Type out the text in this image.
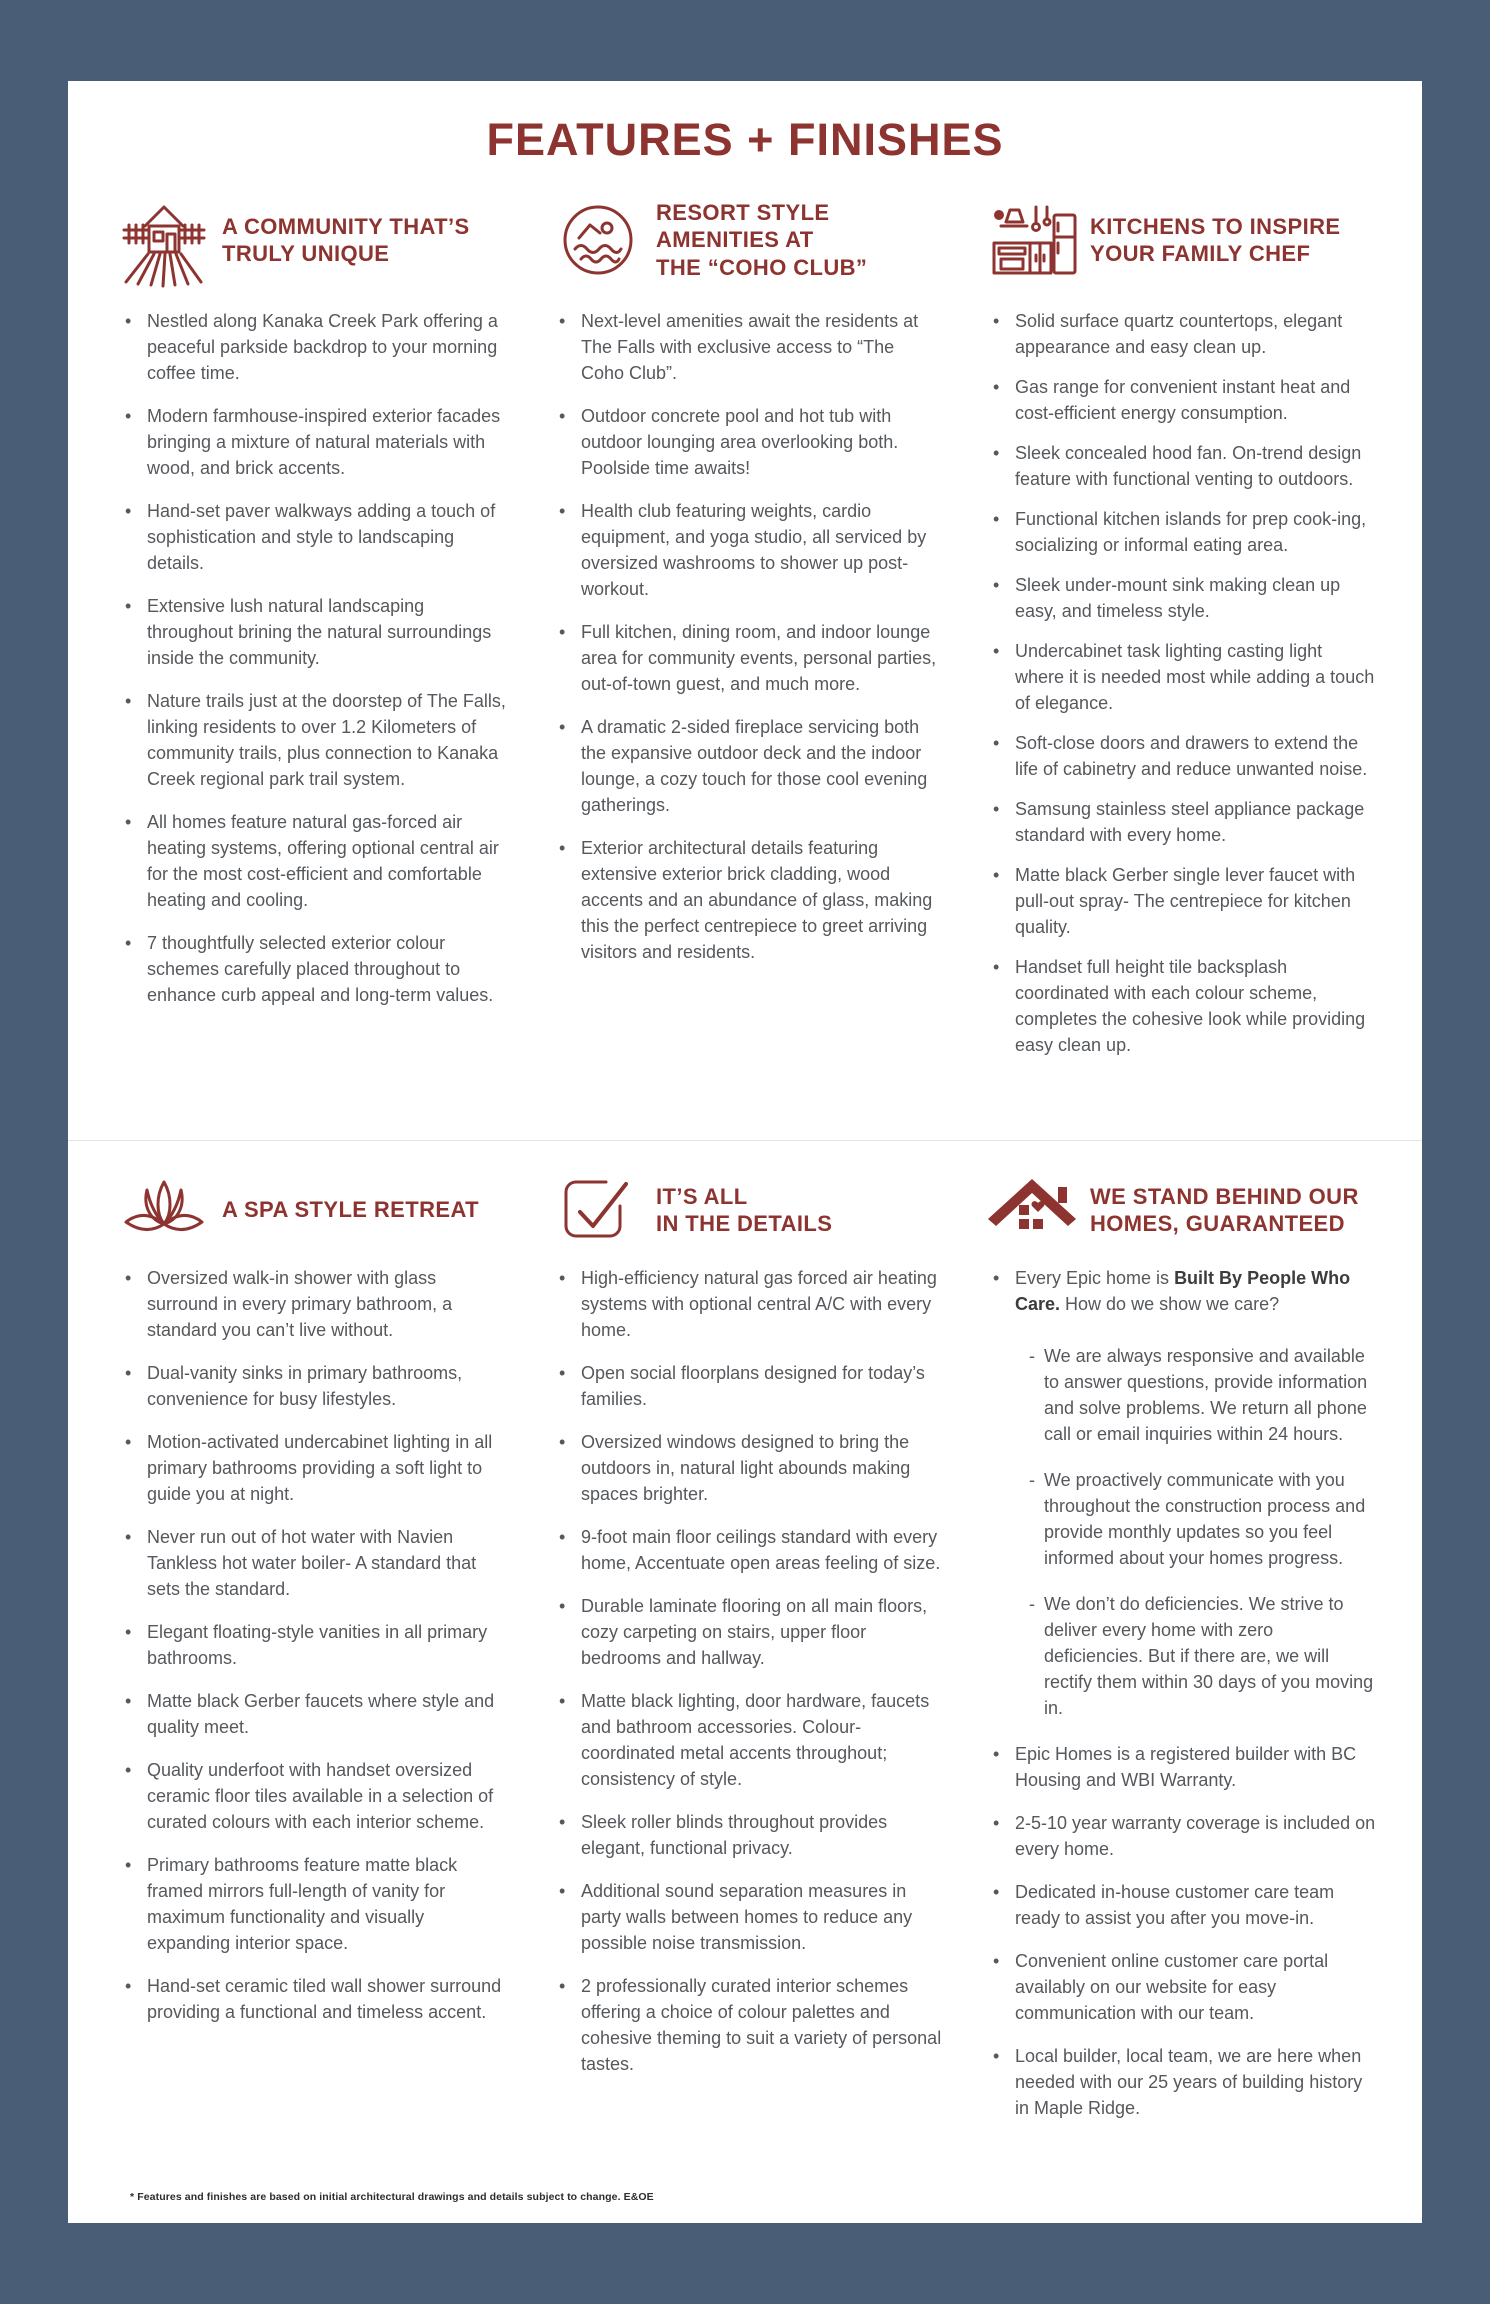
FEATURES + FINISHES
A COMMUNITY THAT’S
TRULY UNIQUE
• Nestled along Kanaka Creek Park offering a peaceful parkside backdrop to your morning coffee time.
• Modern farmhouse-inspired exterior facades bringing a mixture of natural materials with wood, and brick accents.
• Hand-set paver walkways adding a touch of sophistication and style to landscaping details.
• Extensive lush natural landscaping throughout brining the natural surroundings inside the community.
• Nature trails just at the doorstep of The Falls, linking residents to over 1.2 Kilometers of community trails, plus connection to Kanaka Creek regional park trail system.
• All homes feature natural gas-forced air heating systems, offering optional central air for the most cost-efficient and comfortable heating and cooling.
• 7 thoughtfully selected exterior colour schemes carefully placed throughout to enhance curb appeal and long-term values.
RESORT STYLE
AMENITIES AT
THE “COHO CLUB”
• Next-level amenities await the residents at The Falls with exclusive access to “The Coho Club”.
• Outdoor concrete pool and hot tub with outdoor lounging area overlooking both. Poolside time awaits!
• Health club featuring weights, cardio equipment, and yoga studio, all serviced by oversized washrooms to shower up post-workout.
• Full kitchen, dining room, and indoor lounge area for community events, personal parties, out-of-town guest, and much more.
• A dramatic 2-sided fireplace servicing both the expansive outdoor deck and the indoor lounge, a cozy touch for those cool evening gatherings.
• Exterior architectural details featuring extensive exterior brick cladding, wood accents and an abundance of glass, making this the perfect centrepiece to greet arriving visitors and residents.
KITCHENS TO INSPIRE
YOUR FAMILY CHEF
• Solid surface quartz countertops, elegant appearance and easy clean up.
• Gas range for convenient instant heat and cost-efficient energy consumption.
• Sleek concealed hood fan. On-trend design feature with functional venting to outdoors.
• Functional kitchen islands for prep cook-ing, socializing or informal eating area.
• Sleek under-mount sink making clean up easy, and timeless style.
• Undercabinet task lighting casting light where it is needed most while adding a touch of elegance.
• Soft-close doors and drawers to extend the life of cabinetry and reduce unwanted noise.
• Samsung stainless steel appliance package standard with every home.
• Matte black Gerber single lever faucet with pull-out spray- The centrepiece for kitchen quality.
• Handset full height tile backsplash coordinated with each colour scheme, completes the cohesive look while providing easy clean up.
A SPA STYLE RETREAT
• Oversized walk-in shower with glass surround in every primary bathroom, a standard you can’t live without.
• Dual-vanity sinks in primary bathrooms, convenience for busy lifestyles.
• Motion-activated undercabinet lighting in all primary bathrooms providing a soft light to guide you at night.
• Never run out of hot water with Navien Tankless hot water boiler- A standard that sets the standard.
• Elegant floating-style vanities in all primary bathrooms.
• Matte black Gerber faucets where style and quality meet.
• Quality underfoot with handset oversized ceramic floor tiles available in a selection of curated colours with each interior scheme.
• Primary bathrooms feature matte black framed mirrors full-length of vanity for maximum functionality and visually expanding interior space.
• Hand-set ceramic tiled wall shower surround providing a functional and timeless accent.
IT’S ALL
IN THE DETAILS
• High-efficiency natural gas forced air heating systems with optional central A/C with every home.
• Open social floorplans designed for today’s families.
• Oversized windows designed to bring the outdoors in, natural light abounds making spaces brighter.
• 9-foot main floor ceilings standard with every home, Accentuate open areas feeling of size.
• Durable laminate flooring on all main floors, cozy carpeting on stairs, upper floor bedrooms and hallway.
• Matte black lighting, door hardware, faucets and bathroom accessories. Colour-coordinated metal accents throughout; consistency of style.
• Sleek roller blinds throughout provides elegant, functional privacy.
• Additional sound separation measures in party walls between homes to reduce any possible noise transmission.
• 2 professionally curated interior schemes offering a choice of colour palettes and cohesive theming to suit a variety of personal tastes.
WE STAND BEHIND OUR
HOMES, GUARANTEED
• Every Epic home is Built By People Who Care. How do we show we care?
- We are always responsive and available to answer questions, provide information and solve problems. We return all phone call or email inquiries within 24 hours.
- We proactively communicate with you throughout the construction process and provide monthly updates so you feel informed about your homes progress.
- We don’t do deficiencies. We strive to deliver every home with zero deficiencies. But if there are, we will rectify them within 30 days of you moving in.
• Epic Homes is a registered builder with BC Housing and WBI Warranty.
• 2-5-10 year warranty coverage is included on every home.
• Dedicated in-house customer care team ready to assist you after you move-in.
• Convenient online customer care portal availably on our website for easy communication with our team.
• Local builder, local team, we are here when needed with our 25 years of building history in Maple Ridge.
* Features and finishes are based on initial architectural drawings and details subject to change. E&OE
